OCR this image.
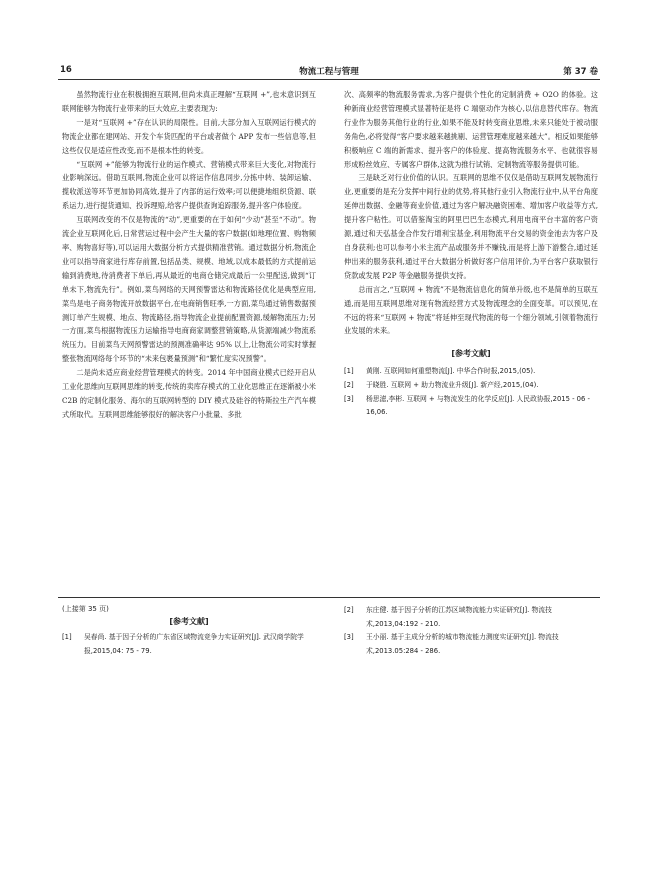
16	物流工程与管理	第 37 卷

虽然物流行业在积极拥抱互联网,但尚未真正理解“互联网 +”,也未意识到互联网能够为物流行业带来的巨大效应,主要表现为:

一是对“互联网 +”存在认识的局限性。目前,大部分加入互联网运行模式的物流企业都在建网站、开发个车货匹配的平台或者做个 APP 发布一些信息等,但这些仅仅是适应性改变,而不是根本性的转变。

“互联网 +”能够为物流行业的运作模式、营销模式带来巨大变化,对物流行业影响深远。借助互联网,物流企业可以将运作信息同步,分拣中转、装卸运输、揽收派送等环节更加协同高效,提升了内部的运行效率;可以便捷地组织货源、联系运力,进行提货通知、投诉理赔,给客户提供查询追踪服务,提升客户体验度。

互联网改变的不仅是物流的“动”,更重要的在于如何“少动”甚至“不动”。物流企业互联网化后,日常营运过程中会产生大量的客户数据(如地理位置、购物频率、购物喜好等),可以运用大数据分析方式提供精准营销。通过数据分析,物流企业可以指导商家进行库存前置,包括品类、规模、地域,以成本最低的方式提前运输到消费地,待消费者下单后,再从最近的电商仓储完成最后一公里配送,做到“订单未下,物流先行”。例如,菜鸟网络的天网预警雷达和物流路径优化是典型应用,菜鸟是电子商务物流开放数据平台,在电商销售旺季,一方面,菜鸟通过销售数据预测订单产生规模、地点、物流路径,指导物流企业提前配置资源,缓解物流压力;另一方面,菜鸟根据物流压力运输指导电商商家调整营销策略,从货源端减少物流系统压力。目前菜鸟天网预警雷达的预测准确率达 95% 以上,让物流公司实时掌握整张物流网络每个环节的“未来包裹量预测”和“繁忙度实况预警”。

二是尚未适应商业经营管理模式的转变。2014 年中国商业模式已经开启从工业化思维向互联网思维的转变,传统的卖库存模式的工业化思维正在逐渐被小米 C2B 的定制化服务、海尔的互联网转型的 DIY 模式及硅谷的特斯拉生产汽车模式所取代。互联网思维能够很好的解决客户小批量、多批

次、高频率的物流服务需求,为客户提供个性化的定制消费 + O2O 的体验。这种新商业经营管理模式显著特征是将 C 端驱动作为核心,以信息替代库存。物流行业作为服务其他行业的行业,如果不能及时转变商业思维,未来只能处于被动服务角色,必将觉得“客户要求越来越挑剔、运营管理难度越来越大”。相反如果能够积极响应 C 端的新需求、提升客户的体验度、提高物流服务水平、也就很容易形成粉丝效应、专属客户群体,这就为推行试销、定制物流等服务提供可能。

三是缺乏对行业价值的认识。互联网的思维不仅仅是借助互联网发展物流行业,更重要的是充分发挥中间行业的优势,将其他行业引入物流行业中,从平台角度延伸出数据、金融等商业价值,通过为客户解决融资困难、增加客户收益等方式,提升客户粘性。可以借鉴淘宝的阿里巴巴生态模式,利用电商平台丰富的客户资源,通过和天弘基金合作发行增利宝基金,利用物流平台交易的资金池去为客户及自身获利;也可以参考小米主流产品或服务并不赚钱,而是将上游下游整合,通过延伸出来的服务获利,通过平台大数据分析做好客户信用评价,为平台客户获取银行贷款或发展 P2P 等金融服务提供支持。

总而言之,“互联网 + 物流”不是物流信息化的简单升级,也不是简单的互联互通,而是用互联网思维对现有物流经营方式及物流理念的全面变革。可以预见,在不远的将来“互联网 + 物流”将延伸至现代物流的每一个细分领域,引领着物流行业发展的未来。

[参考文献]

[1] 黄刚. 互联网如何重塑物流[J]. 中华合作时报,2015,(05).

[2] 于晓胜. 互联网 + 助力物流业升级[J]. 新产经,2015,(04).

[3] 杨思滤,李彬. 互联网 + 与物流发生的化学反应[J]. 人民政协报,2015 - 06 - 16,06.

(上接第 35 页)

[参考文献]

[1] 吴春尚. 基于因子分析的广东省区域物流竞争力实证研究[J]. 武汉商学院学报,2015,04: 75 - 79.

[2] 东庄健. 基于因子分析的江苏区域物流能力实证研究[J]. 物流技术,2013,04:192 - 210.

[3] 王小丽. 基于主成分分析的城市物流能力测度实证研究[J]. 物流技术,2013.05:284 - 286.
